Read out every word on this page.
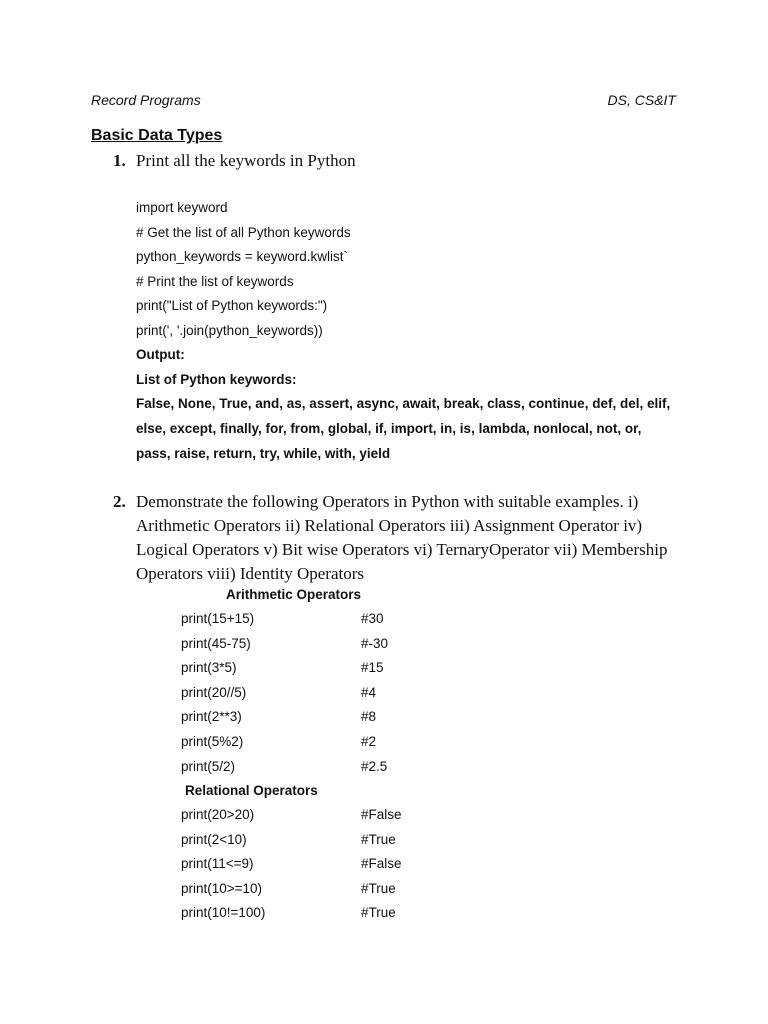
Record Programs	DS, CS&IT
Basic Data Types
1. Print all the keywords in Python
import keyword
# Get the list of all Python keywords
python_keywords = keyword.kwlist`
# Print the list of keywords
print("List of Python keywords:")
print(', '.join(python_keywords))
Output:
List of Python keywords:
False, None, True, and, as, assert, async, await, break, class, continue, def, del, elif, else, except, finally, for, from, global, if, import, in, is, lambda, nonlocal, not, or, pass, raise, return, try, while, with, yield
2. Demonstrate the following Operators in Python with suitable examples. i) Arithmetic Operators ii) Relational Operators iii) Assignment Operator iv) Logical Operators v) Bit wise Operators vi) TernaryOperator vii) Membership Operators viii) Identity Operators
Arithmetic Operators
print(15+15)	#30
print(45-75)	#-30
print(3*5)	#15
print(20//5)	#4
print(2**3)	#8
print(5%2)	#2
print(5/2)	#2.5
Relational Operators
print(20>20)	#False
print(2<10)	#True
print(11<=9)	#False
print(10>=10)	#True
print(10!=100)	#True
